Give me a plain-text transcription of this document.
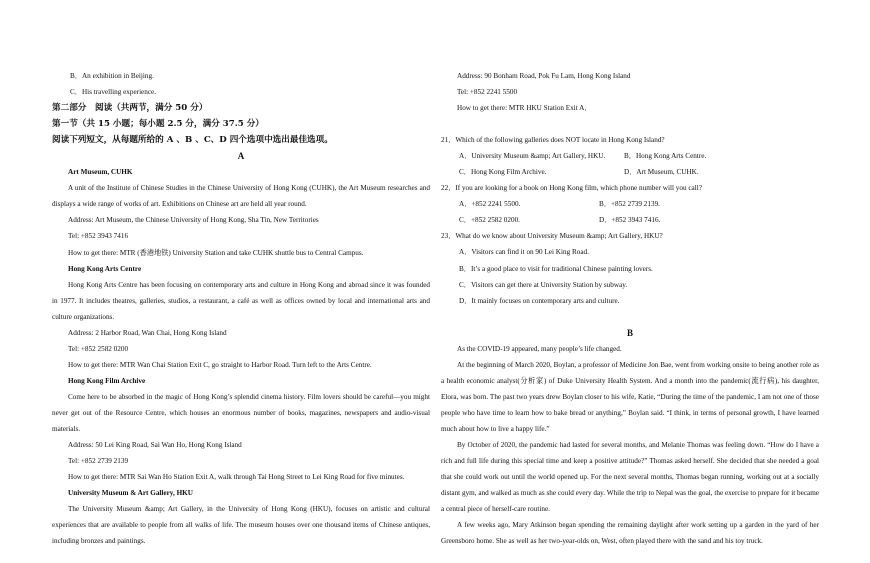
B．An exhibition in Beijing.
C．His travelling experience.
第二部分　阅读（共两节，满分 50 分）
第一节（共 15 小题；每小题 2.5 分，满分 37.5 分）
阅读下列短文，从每题所给的 A 、B 、C、D 四个选项中选出最佳选项。
A
Art Museum, CUHK
A unit of the Institute of Chinese Studies in the Chinese University of Hong Kong (CUHK), the Art Museum researches and displays a wide range of works of art. Exhibitions on Chinese art are held all year round.
Address: Art Museum, the Chinese University of Hong Kong, Sha Tin, New Territories
Tel: +852 3943 7416
How to get there: MTR (香港地铁) University Station and take CUHK shuttle bus to Central Campus.
Hong Kong Arts Centre
Hong Kong Arts Centre has been focusing on contemporary arts and culture in Hong Kong and abroad since it was founded in 1977. It includes theatres, galleries, studios, a restaurant, a café as well as offices owned by local and international arts and culture organizations.
Address: 2 Harbor Road, Wan Chai, Hong Kong Island
Tel: +852 2582 0200
How to get there: MTR Wan Chai Station Exit C, go straight to Harbor Road. Turn left to the Arts Centre.
Hong Kong Film Archive
Come here to be absorbed in the magic of Hong Kong’s splendid cinema history. Film lovers should be careful—you might never get out of the Resource Centre, which houses an enormous number of books, magazines, newspapers and audio-visual materials.
Address: 50 Lei King Road, Sai Wan Ho, Hong Kong Island
Tel: +852 2739 2139
How to get there: MTR Sai Wan Ho Station Exit A, walk through Tai Hong Street to Lei King Road for five minutes.
University Museum & Art Gallery, HKU
The University Museum &amp; Art Gallery, in the University of Hong Kong (HKU), focuses on artistic and cultural experiences that are available to people from all walks of life. The museum houses over one thousand items of Chinese antiques, including bronzes and paintings.
Address: 90 Bonham Road, Pok Fu Lam, Hong Kong Island
Tel: +852 2241 5500
How to get there: MTR HKU Station Exit A．
21．Which of the following galleries does NOT locate in Hong Kong Island?
A．University Museum &amp; Art Gallery, HKU.	B．Hong Kong Arts Centre.
C．Hong Kong Film Archive.	D．Art Museum, CUHK.
22．If you are looking for a book on Hong Kong film, which phone number will you call?
A．+852 2241 5500.	B．+852 2739 2139.
C．+852 2582 0200.	D．+852 3943 7416.
23．What do we know about University Museum &amp; Art Gallery, HKU?
A．Visitors can find it on 90 Lei King Road.
B．It’s a good place to visit for traditional Chinese painting lovers.
C．Visitors can get there at University Station by subway.
D．It mainly focuses on contemporary arts and culture.
B
As the COVID-19 appeared, many people’s life changed.
At the beginning of March 2020, Boylan, a professor of Medicine Jon Bae, went from working onsite to being another role as a health economic analyst(分析家) of Duke University Health System. And a month into the pandemic(流行病), his daughter, Elora, was born. The past two years drew Boylan closer to his wife, Katie, “During the time of the pandemic, I am not one of those people who have time to learn how to bake bread or anything,” Boylan said. “I think, in terms of personal growth, I have learned much about how to live a happy life.”
By October of 2020, the pandemic had lasted for several months, and Melanie Thomas was feeling down. “How do I have a rich and full life during this special time and keep a positive attitude?” Thomas asked herself. She decided that she needed a goal that she could work out until the world opened up. For the next several months, Thomas began running, working out at a socially distant gym, and walked as much as she could every day. While the trip to Nepal was the goal, the exercise to prepare for it became a central piece of herself-care routine.
A few weeks ago, Mary Atkinson began spending the remaining daylight after work setting up a garden in the yard of her Greensboro home. She as well as her two-year-olds on, West, often played there with the sand and his toy truck.
